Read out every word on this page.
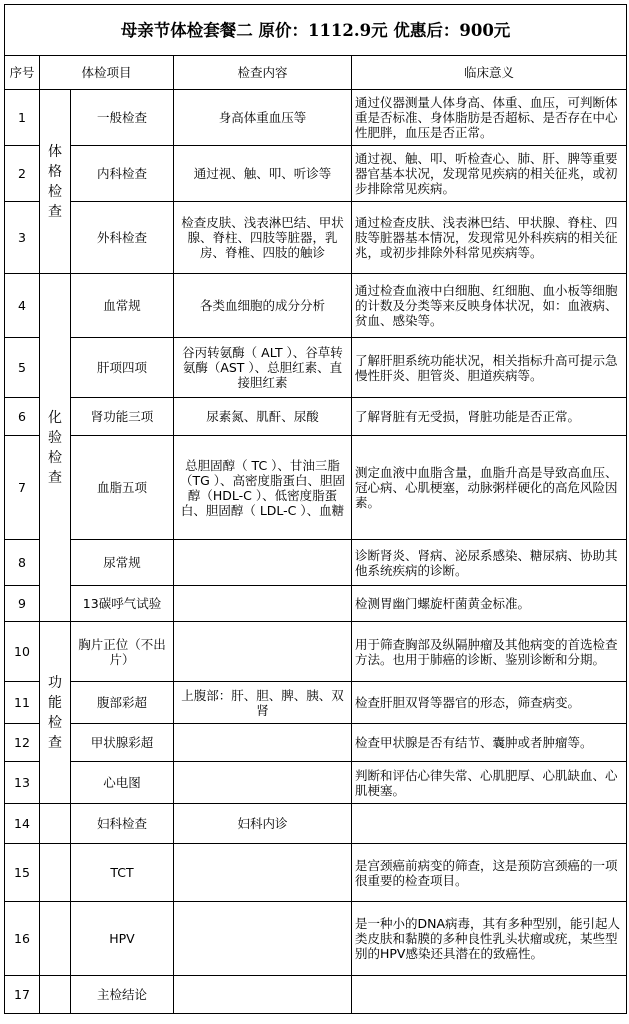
母亲节体检套餐二 原价：1112.9元 优惠后：900元				
序号	体检项目		检查内容	临床意义
1	体格检查	一般检查	身高体重血压等	通过仪器测量人体身高、体重、血压，可判断体重是否标准、身体脂肪是否超标、是否存在中心性肥胖，血压是否正常。
2		内科检查	通过视、触、叩、听诊等	通过视、触、叩、听检查心、肺、肝、脾等重要器官基本状况，发现常见疾病的相关征兆，或初步排除常见疾病。
3		外科检查	检查皮肤、浅表淋巴结、甲状腺、脊柱、四肢等脏器，乳房、脊椎、四肢的触诊	通过检查皮肤、浅表淋巴结、甲状腺、脊柱、四肢等脏器基本情况，发现常见外科疾病的相关征兆，或初步排除外科常见疾病等。
4	化验检查	血常规	各类血细胞的成分分析	通过检查血液中白细胞、红细胞、血小板等细胞的计数及分类等来反映身体状况，如：血液病、贫血、感染等。
5		肝项四项	谷丙转氨酶（ ALT ）、谷草转氨酶（AST ）、总胆红素、直接胆红素	了解肝胆系统功能状况，相关指标升高可提示急慢性肝炎、胆管炎、胆道疾病等。
6		肾功能三项	尿素氮、肌酐、尿酸	了解肾脏有无受损，肾脏功能是否正常。
7		血脂五项	总胆固醇（ TC ）、甘油三脂（TG ）、高密度脂蛋白、胆固醇（HDL-C ）、低密度脂蛋白、胆固醇（ LDL-C ）、血糖	测定血液中血脂含量，血脂升高是导致高血压、冠心病、心肌梗塞，动脉粥样硬化的高危风险因素。
8		尿常规		诊断肾炎、肾病、泌尿系感染、糖尿病、协助其他系统疾病的诊断。
9		13碳呼气试验		检测胃幽门螺旋杆菌黄金标准。
10	功能检查	胸片正位（不出片）		用于筛查胸部及纵隔肿瘤及其他病变的首选检查方法。也用于肺癌的诊断、鉴别诊断和分期。
11		腹部彩超	上腹部：肝、胆、脾、胰、双肾	检查肝胆双肾等器官的形态，筛查病变。
12		甲状腺彩超		检查甲状腺是否有结节、囊肿或者肿瘤等。
13		心电图		判断和评估心律失常、心肌肥厚、心肌缺血、心肌梗塞。
14		妇科检查	妇科内诊	
15		TCT		是宫颈癌前病变的筛查，这是预防宫颈癌的一项很重要的检查项目。
16		HPV		是一种小的DNA病毒，其有多种型别，能引起人类皮肤和黏膜的多种良性乳头状瘤或疣，某些型别的HPV感染还具潜在的致癌性。
17		主检结论		
